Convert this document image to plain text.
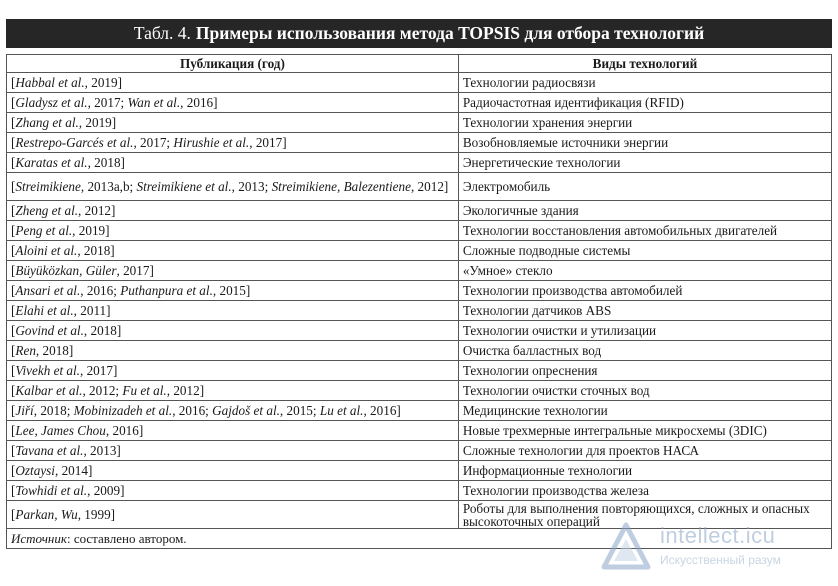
Табл. 4. Примеры использования метода TOPSIS для отбора технологий
Публикация (год)	Виды технологий
[Habbal et al., 2019]	Технологии радиосвязи
[Gladysz et al., 2017; Wan et al., 2016]	Радиочастотная идентификация (RFID)
[Zhang et al., 2019]	Технологии хранения энергии
[Restrepo-Garcés et al., 2017; Hirushie et al., 2017]	Возобновляемые источники энергии
[Karatas et al., 2018]	Энергетические технологии
[Streimikiene, 2013a,b; Streimikiene et al., 2013; Streimikiene, Balezentiene, 2012]	Электромобиль
[Zheng et al., 2012]	Экологичные здания
[Peng et al., 2019]	Технологии восстановления автомобильных двигателей
[Aloini et al., 2018]	Сложные подводные системы
[Büyüközkan, Güler, 2017]	«Умное» стекло
[Ansari et al., 2016; Puthanpura et al., 2015]	Технологии производства автомобилей
[Elahi et al., 2011]	Технологии датчиков ABS
[Govind et al., 2018]	Технологии очистки и утилизации
[Ren, 2018]	Очистка балластных вод
[Vivekh et al., 2017]	Технологии опреснения
[Kalbar et al., 2012; Fu et al., 2012]	Технологии очистки сточных вод
[Jiří, 2018; Mobinizadeh et al., 2016; Gajdoš et al., 2015; Lu et al., 2016]	Медицинские технологии
[Lee, James Chou, 2016]	Новые трехмерные интегральные микросхемы (3DIC)
[Tavana et al., 2013]	Сложные технологии для проектов НАСА
[Oztaysi, 2014]	Информационные технологии
[Towhidi et al., 2009]	Технологии производства железа
[Parkan, Wu, 1999]	Роботы для выполнения повторяющихся, сложных и опасных высокоточных операций
Источник: составлено автором.		intellect.icu
Искусственный разум
